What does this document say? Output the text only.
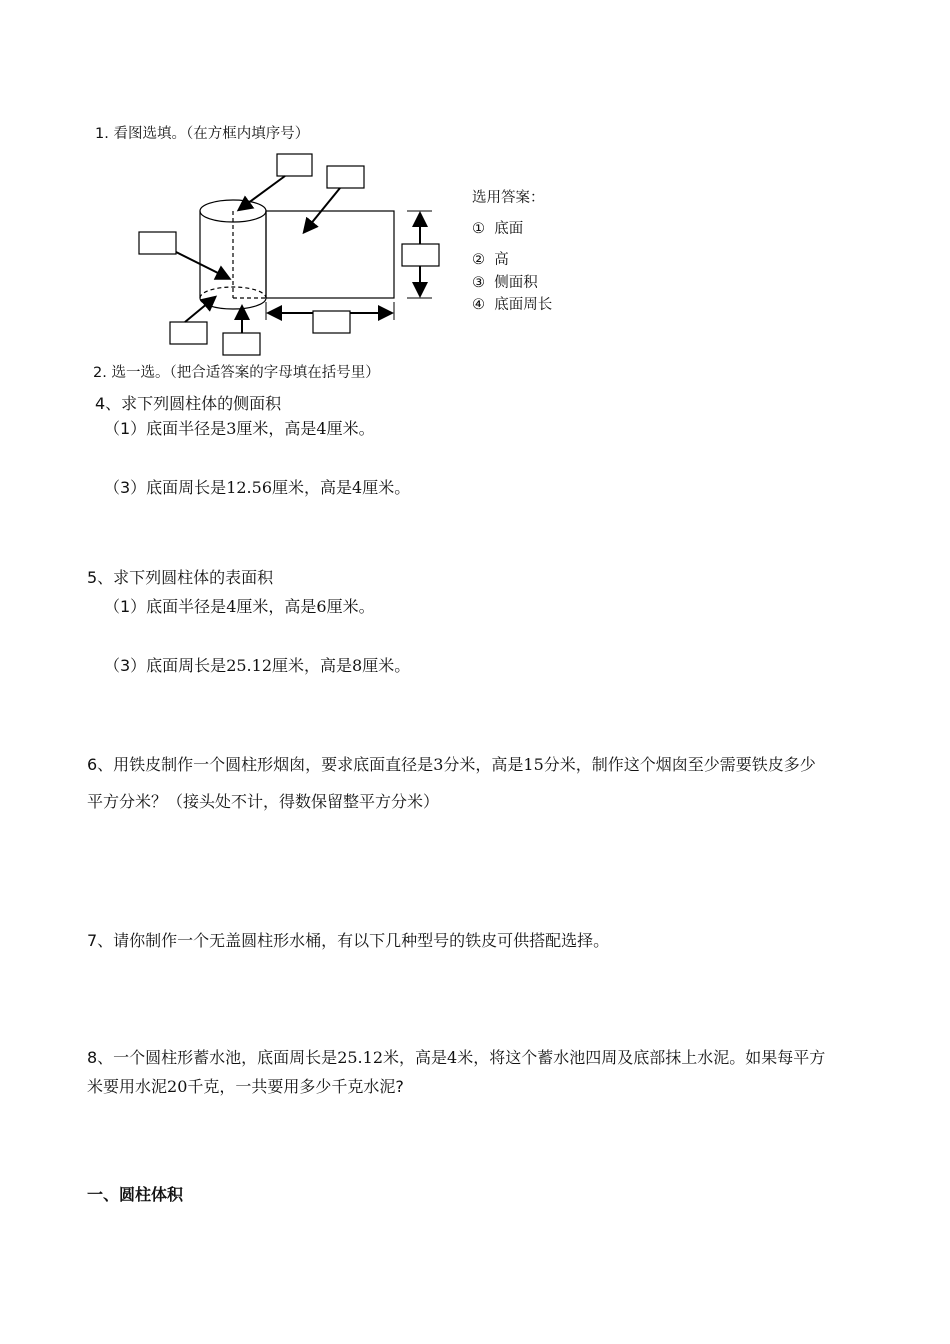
1. 看图选填。（在方框内填序号）
选用答案：
① 底面
② 高
③ 侧面积
④ 底面周长
2. 选一选。（把合适答案的字母填在括号里）
4、求下列圆柱体的侧面积
（1）底面半径是3厘米，高是4厘米。
（3）底面周长是12.56厘米，高是4厘米。
5、求下列圆柱体的表面积
（1）底面半径是4厘米，高是6厘米。
（3）底面周长是25.12厘米，高是8厘米。
6、用铁皮制作一个圆柱形烟囱，要求底面直径是3分米，高是15分米，制作这个烟囱至少需要铁皮多少
平方分米？（接头处不计，得数保留整平方分米）
7、请你制作一个无盖圆柱形水桶，有以下几种型号的铁皮可供搭配选择。
8、一个圆柱形蓄水池，底面周长是25.12米，高是4米，将这个蓄水池四周及底部抹上水泥。如果每平方
米要用水泥20千克，一共要用多少千克水泥?
一、圆柱体积
